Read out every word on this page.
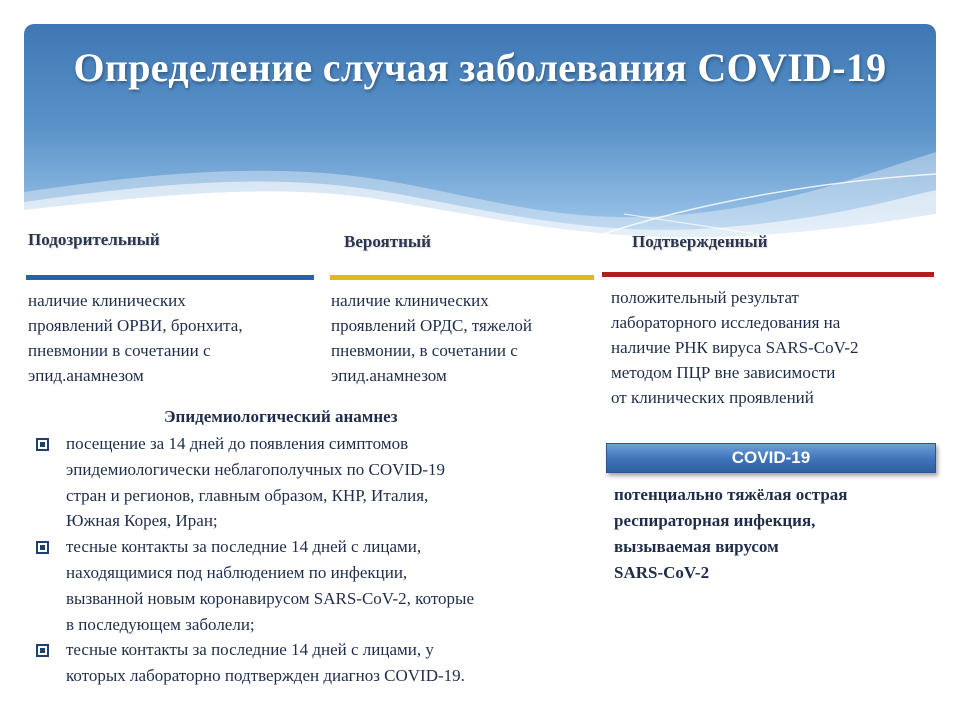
Определение случая заболевания COVID-19
Подозрительный
наличие клинических
проявлений ОРВИ, бронхита,
пневмонии в сочетании с
эпид.анамнезом
Вероятный
наличие клинических
проявлений ОРДС, тяжелой
пневмонии, в сочетании с
эпид.анамнезом
Подтвержденный
положительный результат
лабораторного исследования на
наличие РНК вируса SARS-CoV-2
методом ПЦР вне зависимости
от клинических проявлений
Эпидемиологический анамнез
посещение за 14 дней до появления симптомов
эпидемиологически неблагополучных по COVID-19
стран и регионов, главным образом, КНР, Италия,
Южная Корея, Иран;
тесные контакты за последние 14 дней с лицами,
находящимися под наблюдением по инфекции,
вызванной новым коронавирусом SARS-CoV-2, которые
в последующем заболели;
тесные контакты за последние 14 дней с лицами, у
которых лабораторно подтвержден диагноз COVID-19.
COVID-19
потенциально тяжёлая острая
респираторная инфекция,
вызываемая вирусом
SARS-CoV-2
